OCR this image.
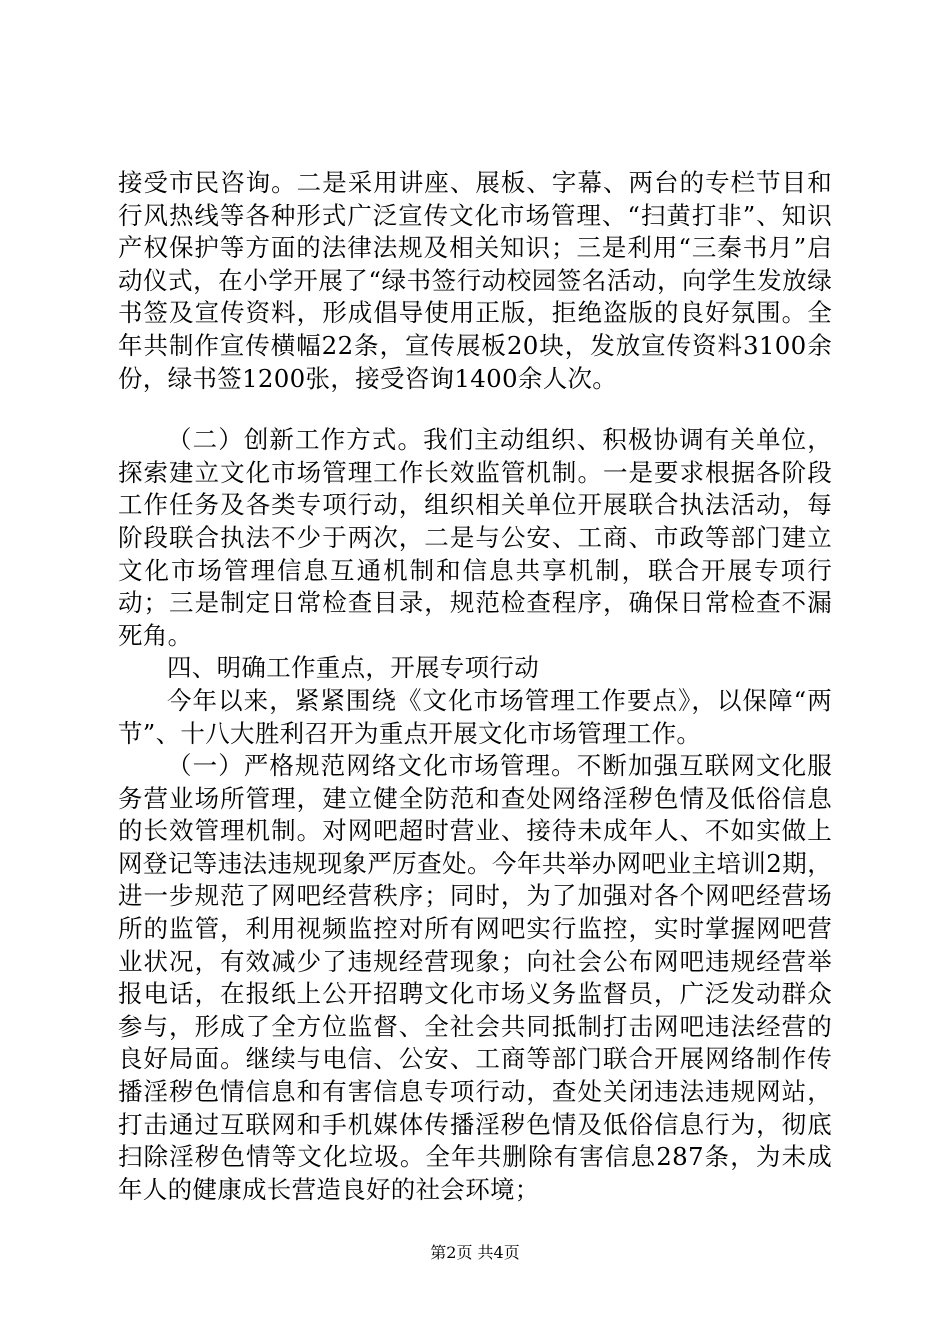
接受市民咨询。二是采用讲座、展板、字幕、两台的专栏节目和行风热线等各种形式广泛宣传文化市场管理、“扫黄打非”、知识产权保护等方面的法律法规及相关知识；三是利用“三秦书月”启动仪式，在小学开展了“绿书签行动校园签名活动，向学生发放绿书签及宣传资料，形成倡导使用正版，拒绝盗版的良好氛围。全年共制作宣传横幅22条，宣传展板20块，发放宣传资料3100余份，绿书签1200张，接受咨询1400余人次。

（二）创新工作方式。我们主动组织、积极协调有关单位，探索建立文化市场管理工作长效监管机制。一是要求根据各阶段工作任务及各类专项行动，组织相关单位开展联合执法活动，每阶段联合执法不少于两次，二是与公安、工商、市政等部门建立文化市场管理信息互通机制和信息共享机制，联合开展专项行动；三是制定日常检查目录，规范检查程序，确保日常检查不漏死角。

四、明确工作重点，开展专项行动

今年以来，紧紧围绕《文化市场管理工作要点》，以保障“两节”、十八大胜利召开为重点开展文化市场管理工作。

（一）严格规范网络文化市场管理。不断加强互联网文化服务营业场所管理，建立健全防范和查处网络淫秽色情及低俗信息的长效管理机制。对网吧超时营业、接待未成年人、不如实做上网登记等违法违规现象严厉查处。今年共举办网吧业主培训2期，进一步规范了网吧经营秩序；同时，为了加强对各个网吧经营场所的监管，利用视频监控对所有网吧实行监控，实时掌握网吧营业状况，有效减少了违规经营现象；向社会公布网吧违规经营举报电话，在报纸上公开招聘文化市场义务监督员，广泛发动群众参与，形成了全方位监督、全社会共同抵制打击网吧违法经营的良好局面。继续与电信、公安、工商等部门联合开展网络制作传播淫秽色情信息和有害信息专项行动，查处关闭违法违规网站，打击通过互联网和手机媒体传播淫秽色情及低俗信息行为，彻底扫除淫秽色情等文化垃圾。全年共删除有害信息287条，为未成年人的健康成长营造良好的社会环境；

第2页 共4页
